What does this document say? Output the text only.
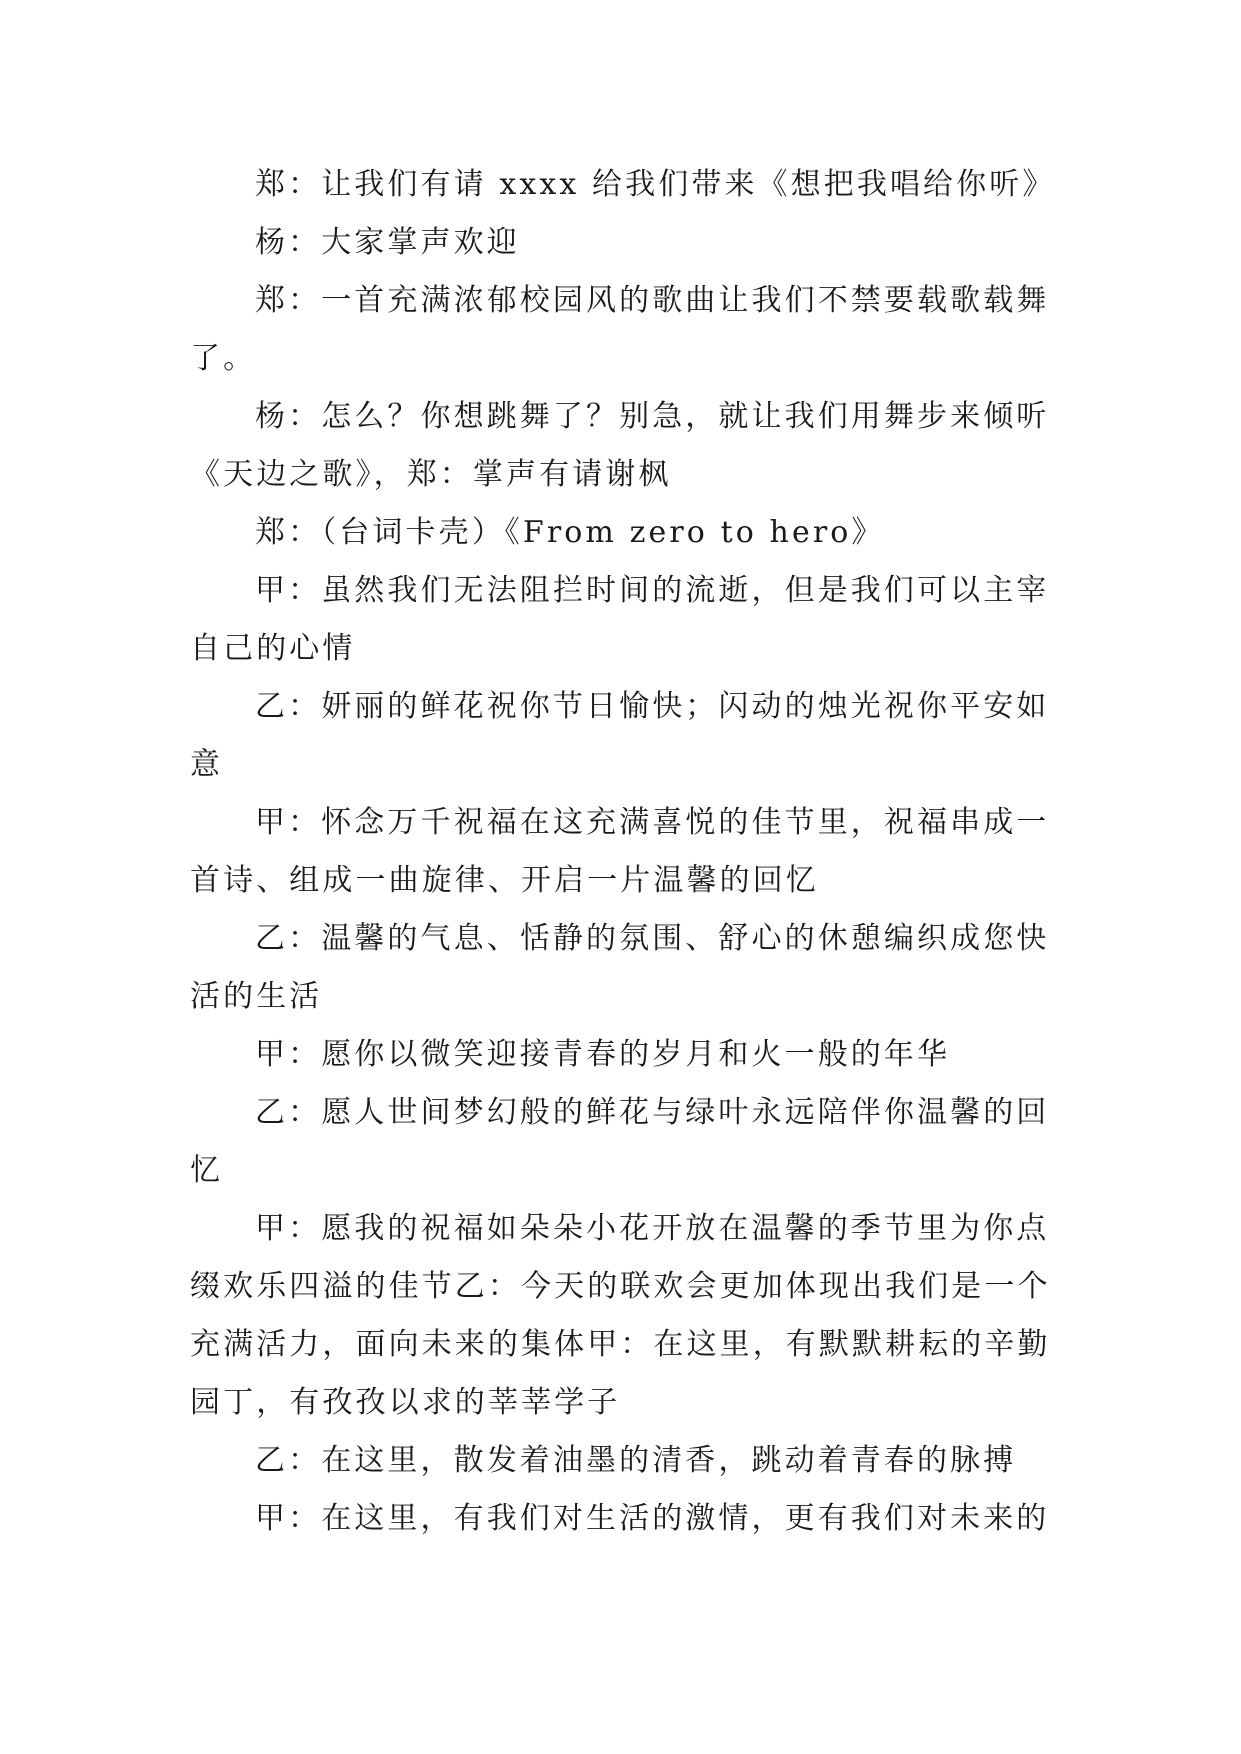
郑：让我们有请 xxxx 给我们带来《想把我唱给你听》
杨：大家掌声欢迎
郑：一首充满浓郁校园风的歌曲让我们不禁要载歌载舞
了。
杨：怎么？你想跳舞了？别急，就让我们用舞步来倾听
《天边之歌》，郑：掌声有请谢枫
郑：（台词卡壳）《From zero to hero》
甲：虽然我们无法阻拦时间的流逝，但是我们可以主宰
自己的心情
乙：妍丽的鲜花祝你节日愉快；闪动的烛光祝你平安如
意
甲：怀念万千祝福在这充满喜悦的佳节里，祝福串成一
首诗、组成一曲旋律、开启一片温馨的回忆
乙：温馨的气息、恬静的氛围、舒心的休憩编织成您快
活的生活
甲：愿你以微笑迎接青春的岁月和火一般的年华
乙：愿人世间梦幻般的鲜花与绿叶永远陪伴你温馨的回
忆
甲：愿我的祝福如朵朵小花开放在温馨的季节里为你点
缀欢乐四溢的佳节乙：今天的联欢会更加体现出我们是一个
充满活力，面向未来的集体甲：在这里，有默默耕耘的辛勤
园丁，有孜孜以求的莘莘学子
乙：在这里，散发着油墨的清香，跳动着青春的脉搏
甲：在这里，有我们对生活的激情，更有我们对未来的
